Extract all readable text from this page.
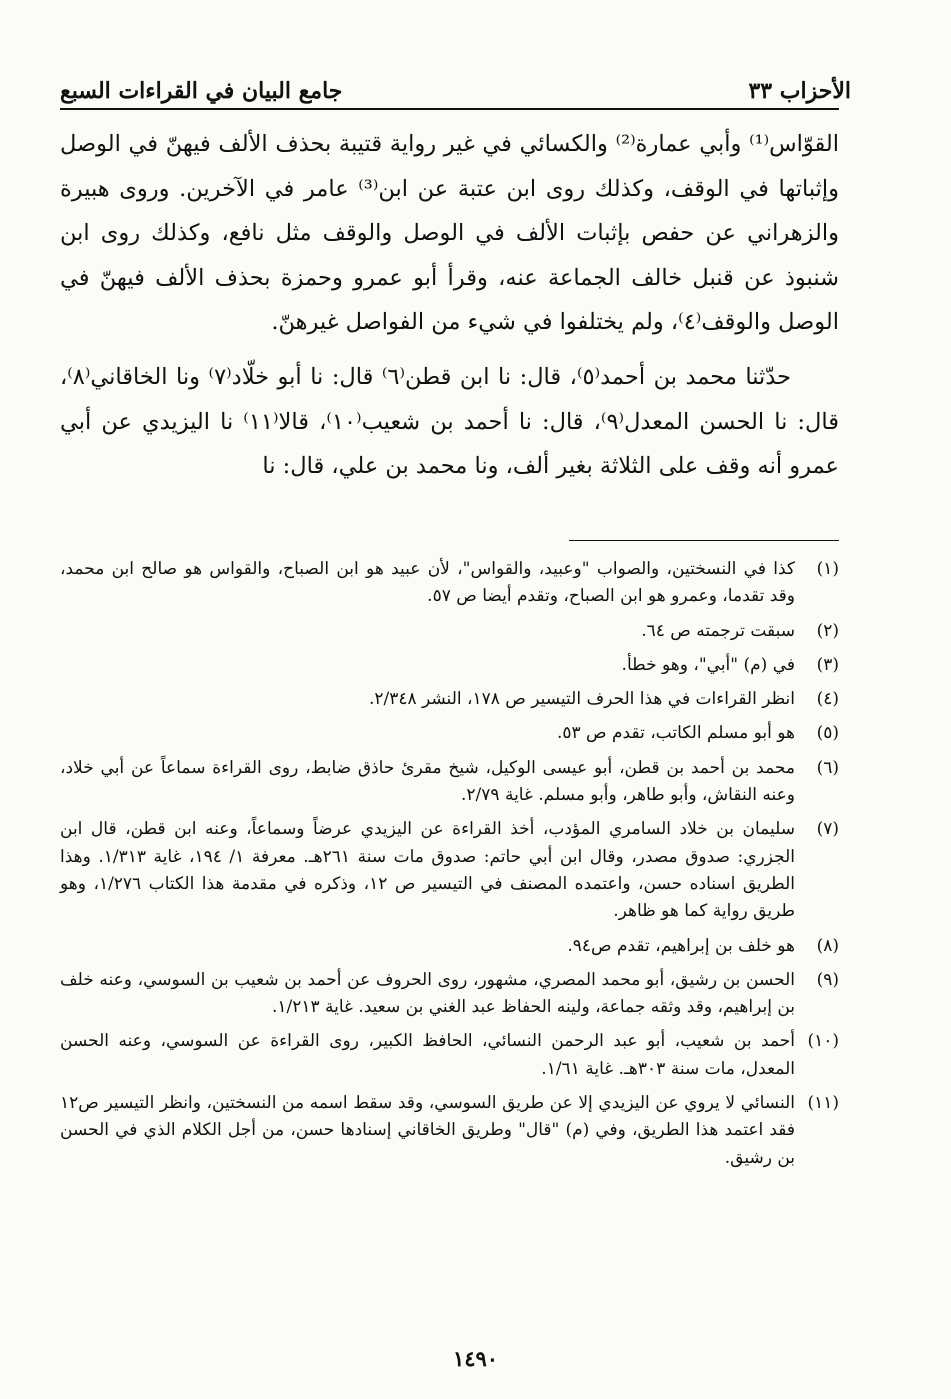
الأحزاب ٣٣
جامع البيان في القراءات السبع

القوّاس⁽¹⁾ وأبي عمارة⁽²⁾ والكسائي في غير رواية قتيبة بحذف الألف فيهنّ في الوصل وإثباتها في الوقف، وكذلك روى ابن عتبة عن ابن⁽³⁾ عامر في الآخرين. وروى هبيرة والزهراني عن حفص بإثبات الألف في الوصل والوقف مثل نافع، وكذلك روى ابن شنبوذ عن قنبل خالف الجماعة عنه، وقرأ أبو عمرو وحمزة بحذف الألف فيهنّ في الوصل والوقف⁽٤⁾، ولم يختلفوا في شيء من الفواصل غيرهنّ.

حدّثنا محمد بن أحمد⁽٥⁾، قال: نا ابن قطن⁽٦⁾ قال: نا أبو خلّاد⁽٧⁾ ونا الخاقاني⁽٨⁾، قال: نا الحسن المعدل⁽٩⁾، قال: نا أحمد بن شعيب⁽١٠⁾، قالا⁽١١⁾ نا اليزيدي عن أبي عمرو أنه وقف على الثلاثة بغير ألف، ونا محمد بن علي، قال: نا

(١)
كذا في النسختين، والصواب "وعبيد، والقواس"، لأن عبيد هو ابن الصباح، والقواس هو صالح ابن محمد، وقد تقدما، وعمرو هو ابن الصباح، وتقدم أيضا ص ٥٧.
(٢)
سبقت ترجمته ص ٦٤.
(٣)
في (م) "أبي"، وهو خطأ.
(٤)
انظر القراءات في هذا الحرف التيسير ص ١٧٨، النشر ٢/٣٤٨.
(٥)
هو أبو مسلم الكاتب، تقدم ص ٥٣.
(٦)
محمد بن أحمد بن قطن، أبو عيسى الوكيل، شيخ مقرئ حاذق ضابط، روى القراءة سماعاً عن أبي خلاد، وعنه النقاش، وأبو طاهر، وأبو مسلم. غاية ٢/٧٩.
(٧)
سليمان بن خلاد السامري المؤدب، أخذ القراءة عن اليزيدي عرضاً وسماعاً، وعنه ابن قطن، قال ابن الجزري: صدوق مصدر، وقال ابن أبي حاتم: صدوق مات سنة ٢٦١هـ. معرفة ١/ ١٩٤، غاية ١/٣١٣. وهذا الطريق اسناده حسن، واعتمده المصنف في التيسير ص ١٢، وذكره في مقدمة هذا الكتاب ١/٢٧٦، وهو طريق رواية كما هو ظاهر.
(٨)
هو خلف بن إبراهيم، تقدم ص٩٤.
(٩)
الحسن بن رشيق، أبو محمد المصري، مشهور، روى الحروف عن أحمد بن شعيب بن السوسي، وعنه خلف بن إبراهيم، وقد وثقه جماعة، ولينه الحفاظ عبد الغني بن سعيد. غاية ١/٢١٣.
(١٠)
أحمد بن شعيب، أبو عبد الرحمن النسائي، الحافظ الكبير، روى القراءة عن السوسي، وعنه الحسن المعدل، مات سنة ٣٠٣هـ. غاية ١/٦١.
(١١)
النسائي لا يروي عن اليزيدي إلا عن طريق السوسي، وقد سقط اسمه من النسختين، وانظر التيسير ص١٢ فقد اعتمد هذا الطريق، وفي (م) "قال" وطريق الخاقاني إسنادها حسن، من أجل الكلام الذي في الحسن بن رشيق.
١٤٩٠
